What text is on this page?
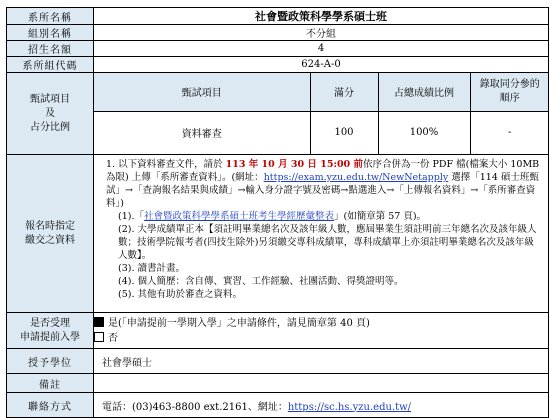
系所名稱	社會暨政策科學學系碩士班
組別名稱	不分組
招生名額	4
系所組代碼	624-A-0

甄試項目
及
占分比例

甄試項目	滿分	占總成績比例	錄取同分參的順序
資料審查	100	100%	-

報名時指定
繳交之資料

1. 以下資料審查文件，請於 113 年 10 月 30 日 15:00 前依序合併為一份 PDF 檔(檔案大小 10MB 為限) 上傳「系所審查資料」。(網址：https://exam.yzu.edu.tw/NewNetapply 選擇「114 碩士班甄試」→「查詢報名結果與成績」→輸入身分證字號及密碼→點選進入→「上傳報名資料」→「系所審查資料」)

(1).「社會暨政策科學學系碩士班考生學經歷彙整表」(如簡章第 57 頁)。

(2). 大學成績單正本【須註明畢業總名次及該年級人數，應屆畢業生須註明前三年總名次及該年級人數；技術學院報考者(四技生除外)另須繳交專科成績單，專科成績單上亦須註明畢業總名次及該年級人數】。

(3). 讀書計畫。

(4). 個人簡歷：含自傳、實習、工作經驗、社團活動、得獎證明等。

(5). 其他有助於審查之資料。

是否受理
申請提前入學

是(「申請提前一學期入學」之申請條件，請見簡章第 40 頁)
否

授予學位	社會學碩士
備註	
聯絡方式	電話：(03)463-8800 ext.2161、網址：https://sc.hs.yzu.edu.tw/
